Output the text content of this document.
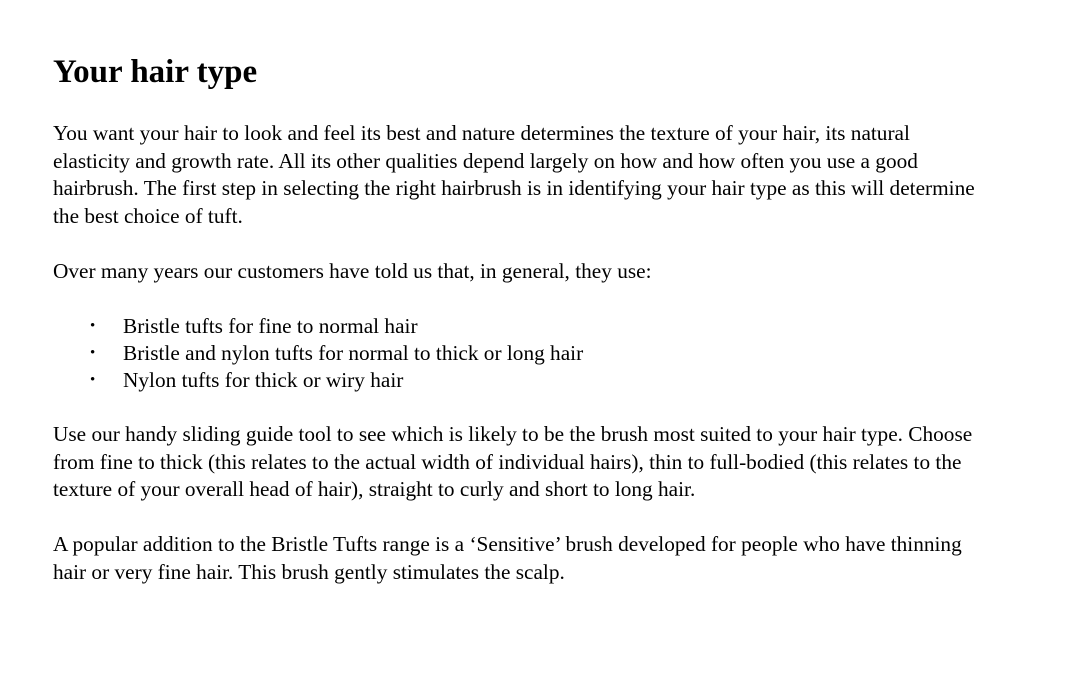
Your hair type

You want your hair to look and feel its best and nature determines the texture of your hair, its natural elasticity and growth rate. All its other qualities depend largely on how and how often you use a good hairbrush. The first step in selecting the right hairbrush is in identifying your hair type as this will determine the best choice of tuft.

Over many years our customers have told us that, in general, they use:

• Bristle tufts for fine to normal hair
• Bristle and nylon tufts for normal to thick or long hair
• Nylon tufts for thick or wiry hair

Use our handy sliding guide tool to see which is likely to be the brush most suited to your hair type. Choose from fine to thick (this relates to the actual width of individual hairs), thin to full-bodied (this relates to the texture of your overall head of hair), straight to curly and short to long hair.

A popular addition to the Bristle Tufts range is a ‘Sensitive’ brush developed for people who have thinning hair or very fine hair. This brush gently stimulates the scalp.
